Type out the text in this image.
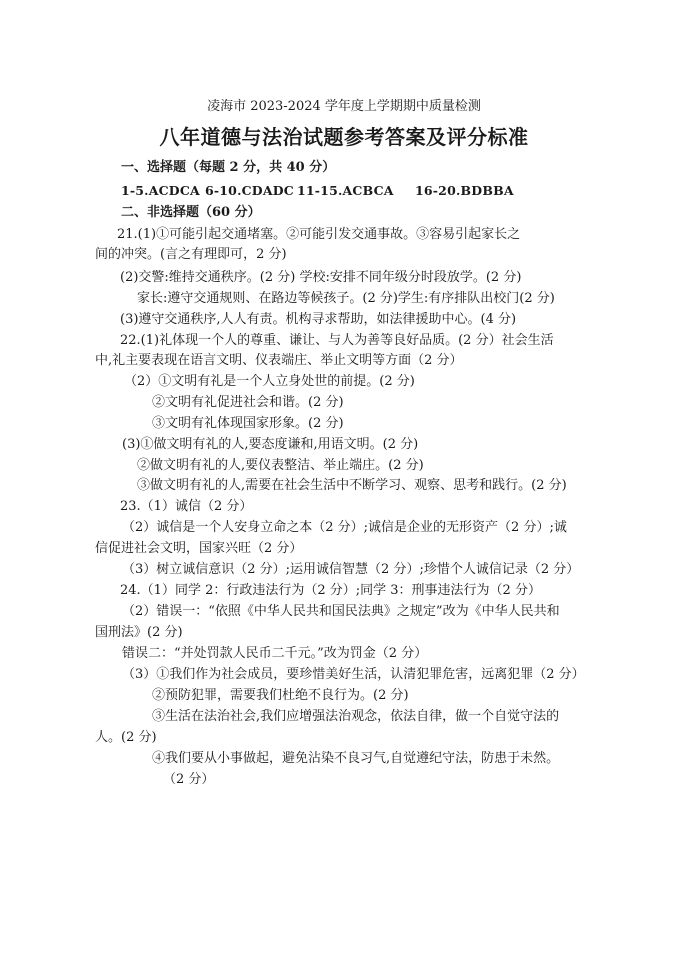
凌海市 2023-2024 学年度上学期期中质量检测

八年道德与法治试题参考答案及评分标准

一、选择题（每题 2 分，共 40 分）

1-5.ACDCA 6-10.CDADC 11-15.ACBCA 16-20.BDBBA

二、非选择题（60 分）

21.(1)①可能引起交通堵塞。②可能引发交通事故。③容易引起家长之

间的冲突。(言之有理即可，2 分)

(2)交警:维持交通秩序。(2 分) 学校:安排不同年级分时段放学。(2 分)

家长:遵守交通规则、在路边等候孩子。(2 分)学生:有序排队出校门(2 分)

(3)遵守交通秩序,人人有责。机构寻求帮助，如法律援助中心。(4 分)

22.(1)礼体现一个人的尊重、谦让、与人为善等良好品质。(2 分）社会生活

中,礼主要表现在语言文明、仪表端庄、举止文明等方面（2 分）

（2）①文明有礼是一个人立身处世的前提。(2 分)

②文明有礼促进社会和谐。(2 分)

③文明有礼体现国家形象。(2 分)

(3)①做文明有礼的人,要态度谦和,用语文明。(2 分)

②做文明有礼的人,要仪表整洁、举止端庄。(2 分)

③做文明有礼的人,需要在社会生活中不断学习、观察、思考和践行。(2 分)

23.（1）诚信（2 分）

（2）诚信是一个人安身立命之本（2 分）;诚信是企业的无形资产（2 分）;诚

信促进社会文明，国家兴旺（2 分）

（3）树立诚信意识（2 分）;运用诚信智慧（2 分）;珍惜个人诚信记录（2 分）

24.（1）同学 2：行政违法行为（2 分）;同学 3：刑事违法行为（2 分）

（2）错误一：“依照《中华人民共和国民法典》之规定”改为《中华人民共和

国刑法》(2 分)

错误二：“并处罚款人民币二千元。”改为罚金（2 分）

（3）①我们作为社会成员，要珍惜美好生活，认清犯罪危害，远离犯罪（2 分）

②预防犯罪，需要我们杜绝不良行为。(2 分)

③生活在法治社会,我们应增强法治观念，依法自律，做一个自觉守法的

人。(2 分)

④我们要从小事做起，避免沾染不良习气,自觉遵纪守法，防患于未然。

（2 分）
